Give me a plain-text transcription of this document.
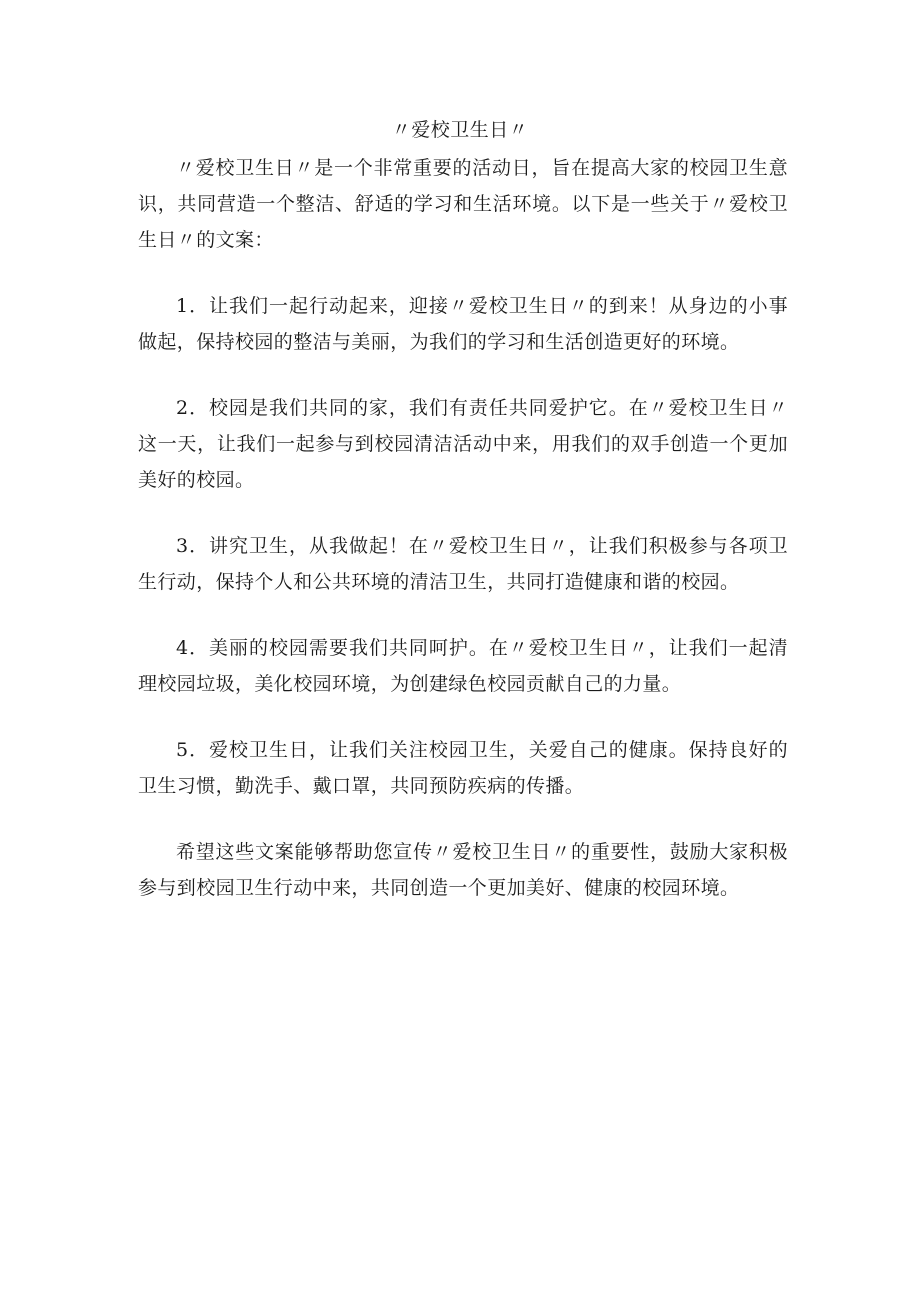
〃爱校卫生日〃

〃爱校卫生日〃是一个非常重要的活动日，旨在提高大家的校园卫生意识，共同营造一个整洁、舒适的学习和生活环境。以下是一些关于〃爱校卫生日〃的文案：

1．让我们一起行动起来，迎接〃爱校卫生日〃的到来！从身边的小事做起，保持校园的整洁与美丽，为我们的学习和生活创造更好的环境。

2．校园是我们共同的家，我们有责任共同爱护它。在〃爱校卫生日〃这一天，让我们一起参与到校园清洁活动中来，用我们的双手创造一个更加美好的校园。

3．讲究卫生，从我做起！在〃爱校卫生日〃，让我们积极参与各项卫生行动，保持个人和公共环境的清洁卫生，共同打造健康和谐的校园。

4．美丽的校园需要我们共同呵护。在〃爱校卫生日〃，让我们一起清理校园垃圾，美化校园环境，为创建绿色校园贡献自己的力量。

5．爱校卫生日，让我们关注校园卫生，关爱自己的健康。保持良好的卫生习惯，勤洗手、戴口罩，共同预防疾病的传播。

希望这些文案能够帮助您宣传〃爱校卫生日〃的重要性，鼓励大家积极参与到校园卫生行动中来，共同创造一个更加美好、健康的校园环境。
